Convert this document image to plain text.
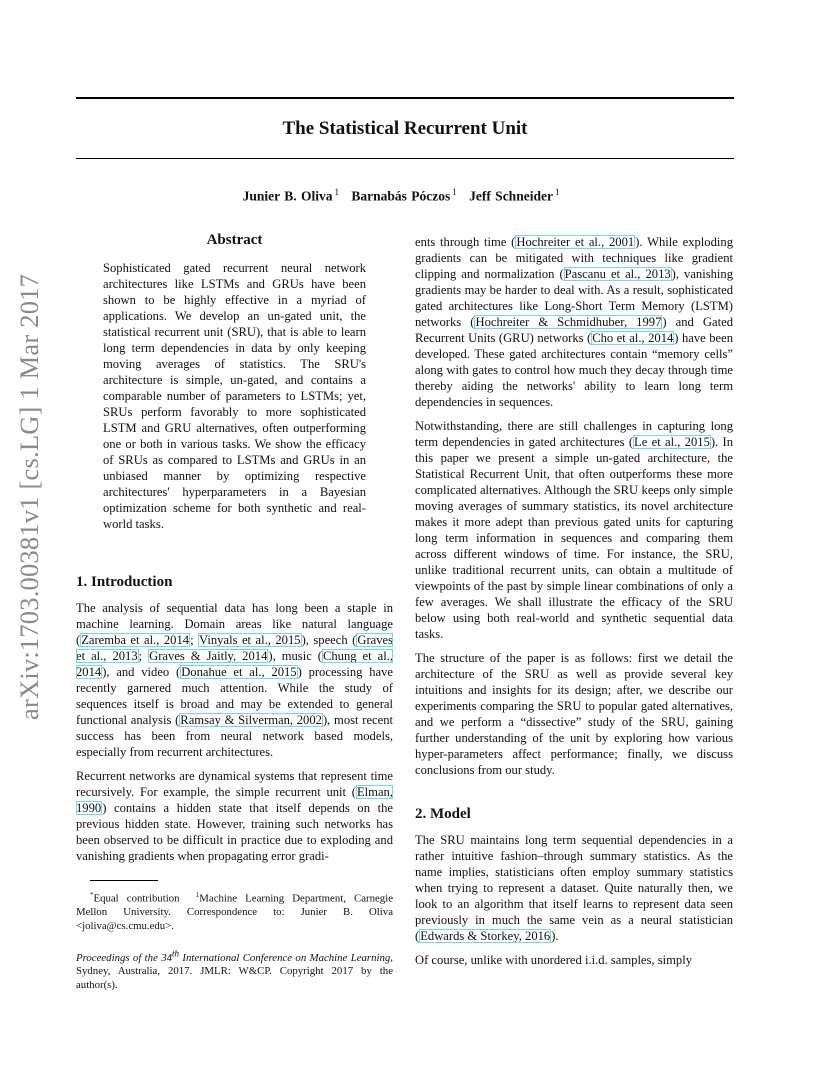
arXiv:1703.00381v1 [cs.LG] 1 Mar 2017
The Statistical Recurrent Unit
Junier B. Oliva $^1$ Barnabás Póczos $^1$ Jeff Schneider $^1$
Abstract

Sophisticated gated recurrent neural network architectures like LSTMs and GRUs have been shown to be highly effective in a myriad of applications. We develop an un-gated unit, the statistical recurrent unit (SRU), that is able to learn long term dependencies in data by only keeping moving averages of statistics. The SRU's architecture is simple, un-gated, and contains a comparable number of parameters to LSTMs; yet, SRUs perform favorably to more sophisticated LSTM and GRU alternatives, often outperforming one or both in various tasks. We show the efficacy of SRUs as compared to LSTMs and GRUs in an unbiased manner by optimizing respective architectures' hyperparameters in a Bayesian optimization scheme for both synthetic and real-world tasks.

1. Introduction

The analysis of sequential data has long been a staple in machine learning. Domain areas like natural language (Zaremba et al., 2014; Vinyals et al., 2015), speech (Graves et al., 2013; Graves & Jaitly, 2014), music (Chung et al., 2014), and video (Donahue et al., 2015) processing have recently garnered much attention. While the study of sequences itself is broad and may be extended to general functional analysis (Ramsay & Silverman, 2002), most recent success has been from neural network based models, especially from recurrent architectures.

Recurrent networks are dynamical systems that represent time recursively. For example, the simple recurrent unit (Elman, 1990) contains a hidden state that itself depends on the previous hidden state. However, training such networks has been observed to be difficult in practice due to exploding and vanishing gradients when propagating error gradi-

*Equal contribution $^1$Machine Learning Department, Carnegie Mellon University. Correspondence to: Junier B. Oliva <joliva@cs.cmu.edu>.

Proceedings of the 34th International Conference on Machine Learning, Sydney, Australia, 2017. JMLR: W&CP. Copyright 2017 by the author(s).

ents through time (Hochreiter et al., 2001). While exploding gradients can be mitigated with techniques like gradient clipping and normalization (Pascanu et al., 2013), vanishing gradients may be harder to deal with. As a result, sophisticated gated architectures like Long-Short Term Memory (LSTM) networks (Hochreiter & Schmidhuber, 1997) and Gated Recurrent Units (GRU) networks (Cho et al., 2014) have been developed. These gated architectures contain “memory cells” along with gates to control how much they decay through time thereby aiding the networks' ability to learn long term dependencies in sequences.

Notwithstanding, there are still challenges in capturing long term dependencies in gated architectures (Le et al., 2015). In this paper we present a simple un-gated architecture, the Statistical Recurrent Unit, that often outperforms these more complicated alternatives. Although the SRU keeps only simple moving averages of summary statistics, its novel architecture makes it more adept than previous gated units for capturing long term information in sequences and comparing them across different windows of time. For instance, the SRU, unlike traditional recurrent units, can obtain a multitude of viewpoints of the past by simple linear combinations of only a few averages. We shall illustrate the efficacy of the SRU below using both real-world and synthetic sequential data tasks.

The structure of the paper is as follows: first we detail the architecture of the SRU as well as provide several key intuitions and insights for its design; after, we describe our experiments comparing the SRU to popular gated alternatives, and we perform a “dissective” study of the SRU, gaining further understanding of the unit by exploring how various hyper-parameters affect performance; finally, we discuss conclusions from our study.

2. Model

The SRU maintains long term sequential dependencies in a rather intuitive fashion–through summary statistics. As the name implies, statisticians often employ summary statistics when trying to represent a dataset. Quite naturally then, we look to an algorithm that itself learns to represent data seen previously in much the same vein as a neural statistician (Edwards & Storkey, 2016).

Of course, unlike with unordered i.i.d. samples, simply
